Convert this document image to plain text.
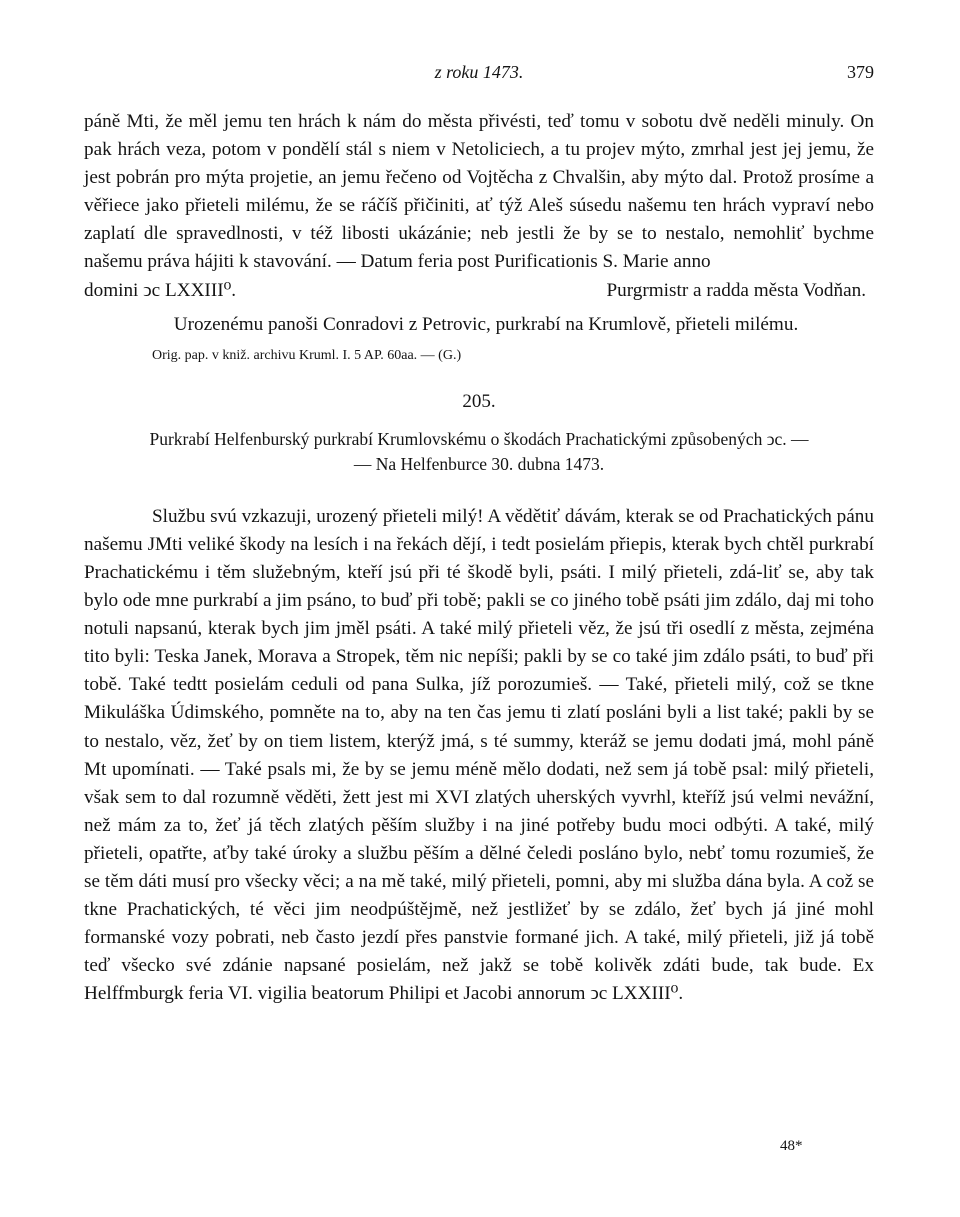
z roku 1473.	379

páně Mti, že měl jemu ten hrách k nám do města přivésti, teď tomu v sobotu dvě neděli minuly. On pak hrách veza, potom v pondělí stál s niem v Netoliciech, a tu projev mýto, zmrhal jest jej jemu, že jest pobrán pro mýta projetie, an jemu řečeno od Vojtěcha z Chvalšin, aby mýto dal. Protož prosíme a věřiece jako přieteli milému, že se ráčíš přičiniti, ať týž Aleš súsedu našemu ten hrách vypraví nebo zaplatí dle spravedlnosti, v též libosti ukázánie; neb jestli že by se to nestalo, nemohliť bychme našemu práva hájiti k stavování. — Datum feria post Purificationis S. Marie anno

domini ͻc LXXIII⁰.	Purgrmistr a radda města Vodňan.

Urozenému panoši Conradovi z Petrovic, purkrabí na Krumlově, přieteli milému.

Orig. pap. v kniž. archivu Kruml. I. 5 AP. 60aa. — (G.)

205.

Purkrabí Helfenburský purkrabí Krumlovskému o škodách Prachatickými způsobených ͻc. —
— Na Helfenburce 30. dubna 1473.

Službu svú vzkazuji, urozený přieteli milý! A vědětiť dávám, kterak se od Prachatických pánu našemu JMti veliké škody na lesích i na řekách dějí, i tedt posielám přiepis, kterak bych chtěl purkrabí Prachatickému i těm služebným, kteří jsú při té škodě byli, psáti. I milý přieteli, zdá-liť se, aby tak bylo ode mne purkrabí a jim psáno, to buď při tobě; pakli se co jiného tobě psáti jim zdálo, daj mi toho notuli napsanú, kterak bych jim jměl psáti. A také milý přieteli věz, že jsú tři osedlí z města, zejména tito byli: Teska Janek, Morava a Stropek, těm nic nepíši; pakli by se co také jim zdálo psáti, to buď při tobě. Také tedtt posielám ceduli od pana Sulka, jíž porozumieš. — Také, přieteli milý, což se tkne Mikuláška Údimského, pomněte na to, aby na ten čas jemu ti zlatí posláni byli a list také; pakli by se to nestalo, věz, žeť by on tiem listem, kterýž jmá, s té summy, kteráž se jemu dodati jmá, mohl páně Mt upomínati. — Také psals mi, že by se jemu méně mělo dodati, než sem já tobě psal: milý přieteli, však sem to dal rozumně věděti, žett jest mi XVI zlatých uherských vyvrhl, kteříž jsú velmi nevážní, než mám za to, žeť já těch zlatých pěším služby i na jiné potřeby budu moci odbýti. A také, milý přieteli, opatřte, aťby také úroky a službu pěším a dělné čeledi posláno bylo, nebť tomu rozumieš, že se těm dáti musí pro všecky věci; a na mě také, milý přieteli, pomni, aby mi služba dána byla. A což se tkne Prachatických, té věci jim neodpúštějmě, než jestližeť by se zdálo, žeť bych já jiné mohl formanské vozy pobrati, neb často jezdí přes panstvie formané jich. A také, milý přieteli, již já tobě teď všecko své zdánie napsané posielám, než jakž se tobě kolivěk zdáti bude, tak bude. Ex Helffmburgk feria VI. vigilia beatorum Philipi et Jacobi annorum ͻc LXXIII⁰.

48*
